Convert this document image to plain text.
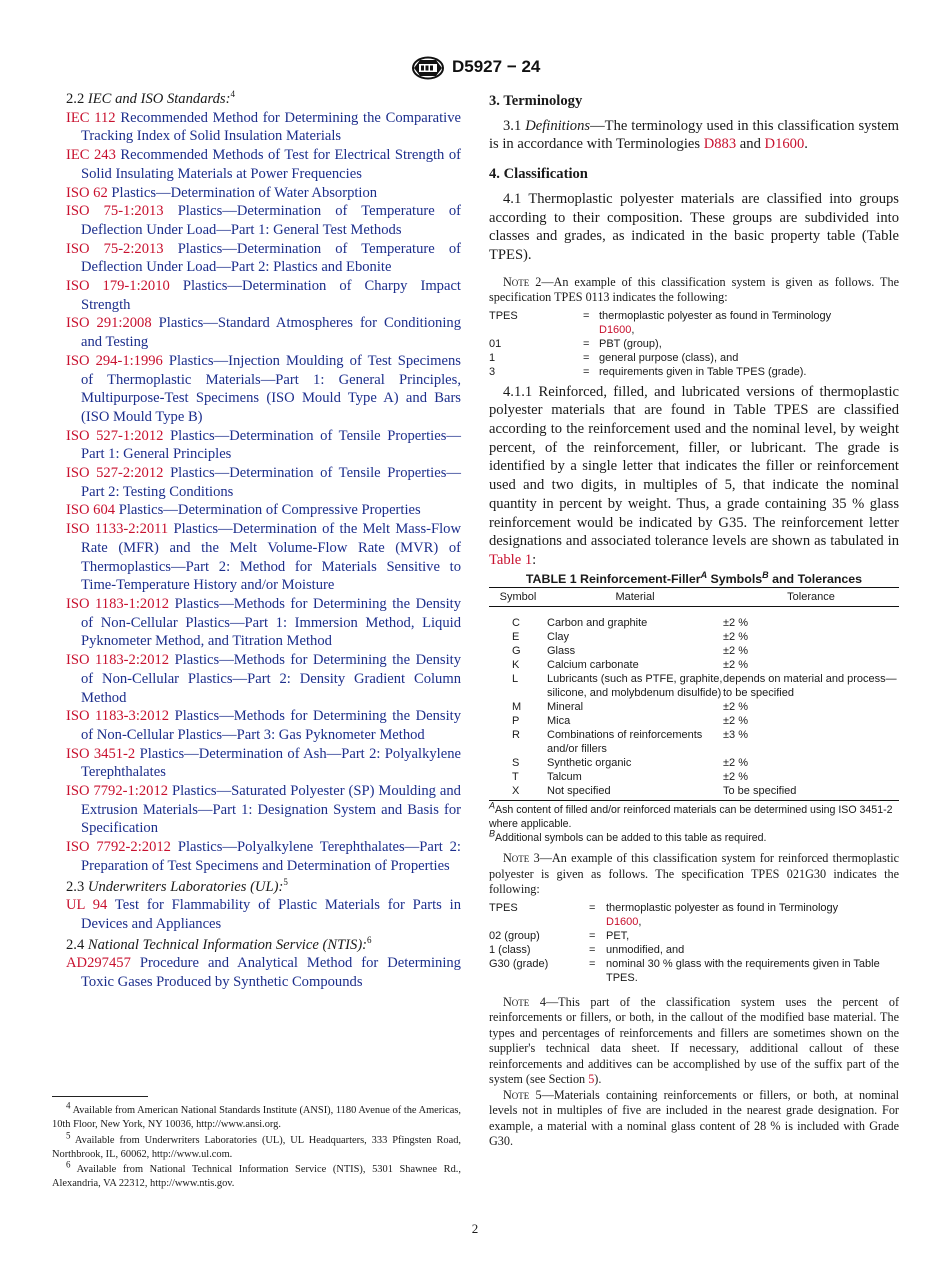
D5927 − 24
2.2 IEC and ISO Standards:$^4$
IEC 112 Recommended Method for Determining the Comparative Tracking Index of Solid Insulation Materials
IEC 243 Recommended Methods of Test for Electrical Strength of Solid Insulating Materials at Power Frequencies
ISO 62 Plastics—Determination of Water Absorption
ISO 75-1:2013 Plastics—Determination of Temperature of Deflection Under Load—Part 1: General Test Methods
ISO 75-2:2013 Plastics—Determination of Temperature of Deflection Under Load—Part 2: Plastics and Ebonite
ISO 179-1:2010 Plastics—Determination of Charpy Impact Strength
ISO 291:2008 Plastics—Standard Atmospheres for Conditioning and Testing
ISO 294-1:1996 Plastics—Injection Moulding of Test Specimens of Thermoplastic Materials—Part 1: General Principles, Multipurpose-Test Specimens (ISO Mould Type A) and Bars (ISO Mould Type B)
ISO 527-1:2012 Plastics—Determination of Tensile Properties—Part 1: General Principles
ISO 527-2:2012 Plastics—Determination of Tensile Properties—Part 2: Testing Conditions
ISO 604 Plastics—Determination of Compressive Properties
ISO 1133-2:2011 Plastics—Determination of the Melt Mass-Flow Rate (MFR) and the Melt Volume-Flow Rate (MVR) of Thermoplastics—Part 2: Method for Materials Sensitive to Time-Temperature History and/or Moisture
ISO 1183-1:2012 Plastics—Methods for Determining the Density of Non-Cellular Plastics—Part 1: Immersion Method, Liquid Pyknometer Method, and Titration Method
ISO 1183-2:2012 Plastics—Methods for Determining the Density of Non-Cellular Plastics—Part 2: Density Gradient Column Method
ISO 1183-3:2012 Plastics—Methods for Determining the Density of Non-Cellular Plastics—Part 3: Gas Pyknometer Method
ISO 3451-2 Plastics—Determination of Ash—Part 2: Polyalkylene Terephthalates
ISO 7792-1:2012 Plastics—Saturated Polyester (SP) Moulding and Extrusion Materials—Part 1: Designation System and Basis for Specification
ISO 7792-2:2012 Plastics—Polyalkylene Terephthalates—Part 2: Preparation of Test Specimens and Determination of Properties
2.3 Underwriters Laboratories (UL):$^5$
UL 94 Test for Flammability of Plastic Materials for Parts in Devices and Appliances
2.4 National Technical Information Service (NTIS):$^6$
AD297457 Procedure and Analytical Method for Determining Toxic Gases Produced by Synthetic Compounds
$^4$ Available from American National Standards Institute (ANSI), 1180 Avenue of the Americas, 10th Floor, New York, NY 10036, http://www.ansi.org.
$^5$ Available from Underwriters Laboratories (UL), UL Headquarters, 333 Pfingsten Road, Northbrook, IL, 60062, http://www.ul.com.
$^6$ Available from National Technical Information Service (NTIS), 5301 Shawnee Rd., Alexandria, VA 22312, http://www.ntis.gov.
3. Terminology
3.1 Definitions—The terminology used in this classification system is in accordance with Terminologies D883 and D1600.
4. Classification
4.1 Thermoplastic polyester materials are classified into groups according to their composition. These groups are subdivided into classes and grades, as indicated in the basic property table (Table TPES).
Note 2—An example of this classification system is given as follows. The specification TPES 0113 indicates the following:
TPES	=	thermoplastic polyester as found in Terminology
D1600,
01	=	PBT (group),
1	=	general purpose (class), and
3	=	requirements given in Table TPES (grade).
4.1.1 Reinforced, filled, and lubricated versions of thermoplastic polyester materials that are found in Table TPES are classified according to the reinforcement used and the nominal level, by weight percent, of the reinforcement, filler, or lubricant. The grade is identified by a single letter that indicates the filler or reinforcement used and two digits, in multiples of 5, that indicate the nominal quantity in percent by weight. Thus, a grade containing 35 % glass reinforcement would be indicated by G35. The reinforcement letter designations and associated tolerance levels are shown as tabulated in Table 1:
TABLE 1 Reinforcement-Filler$^A$ Symbols$^B$ and Tolerances
Symbol	Material	Tolerance

C	Carbon and graphite	±2 %
E	Clay	±2 %
G	Glass	±2 %
K	Calcium carbonate	±2 %
L	Lubricants (such as PTFE, graphite, silicone, and molybdenum disulfide)	depends on material and process—to be specified
M	Mineral	±2 %
P	Mica	±2 %
R	Combinations of reinforcements and/or fillers	±3 %
S	Synthetic organic	±2 %
T	Talcum	±2 %
X	Not specified	To be specified
$^A$Ash content of filled and/or reinforced materials can be determined using ISO 3451-2 where applicable.
$^B$Additional symbols can be added to this table as required.
Note 3—An example of this classification system for reinforced thermoplastic polyester is given as follows. The specification TPES 021G30 indicates the following:
TPES	=	thermoplastic polyester as found in Terminology
D1600,
02 (group)	=	PET,
1 (class)	=	unmodified, and
G30 (grade)	=	nominal 30 % glass with the requirements given in Table TPES.
Note 4—This part of the classification system uses the percent of reinforcements or fillers, or both, in the callout of the modified base material. The types and percentages of reinforcements and fillers are sometimes shown on the supplier's technical data sheet. If necessary, additional callout of these reinforcements and additives can be accomplished by use of the suffix part of the system (see Section 5).
Note 5—Materials containing reinforcements or fillers, or both, at nominal levels not in multiples of five are included in the nearest grade designation. For example, a material with a nominal glass content of 28 % is included with Grade G30.
2
